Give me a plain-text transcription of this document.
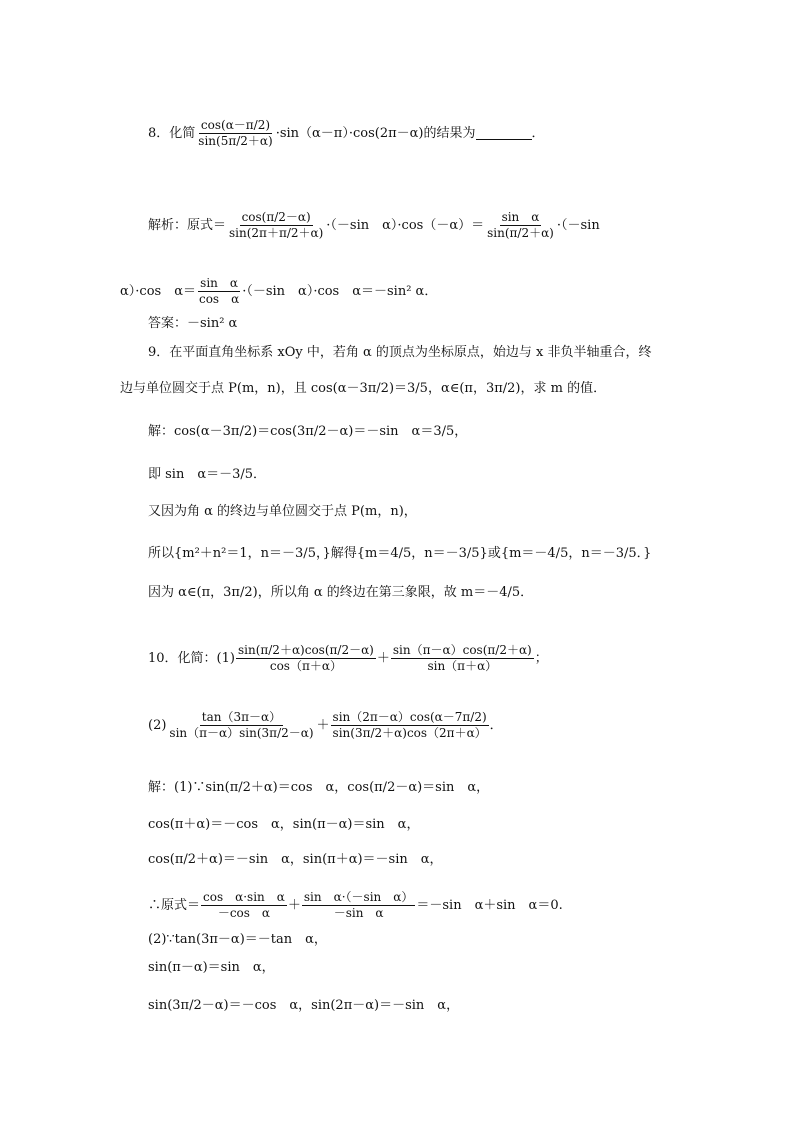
8．化简 $\frac{\cos(\alpha-\pi/2)}{\sin(5\pi/2+\alpha)} \cdot\sin(\alpha-\pi)\cdot\cos(2\pi-\alpha)$的结果为	．
解析：原式＝ $\frac{\cos(\pi/2-\alpha)}{\sin(2\pi+\pi/2+\alpha)} \cdot(-\sin$　$\alpha)\cdot\cos(-\alpha)= \frac{\text{sin　α}}{\sin(\pi/2+\alpha)} \cdot(-\sin$
α）·cos　$\alpha= \frac{\text{sin　α}}{\text{cos　α}} \cdot(-\sin$　α）·cos　α＝－sin² α．
答案：－sin² α
9．在平面直角坐标系 xOy 中，若角 α 的顶点为坐标原点，始边与 x 非负半轴重合，终
边与单位圆交于点 P(m，n)，且 cos(α－3π/2)＝3/5，α∈(π，3π/2)，求 m 的值．
解：cos(α－3π/2)＝cos(3π/2－α)＝－sin　α＝3/5，
即 sin　α＝－3/5．
又因为角 α 的终边与单位圆交于点 P(m，n)，
所以{m²＋n²＝1，n＝－3/5，}解得{m＝4/5，n＝－3/5}或{m＝－4/5，n＝－3/5．}
因为 α∈(π，3π/2)，所以角 α 的终边在第三象限，故 m＝－4/5．
10．化简：$(1) \frac{\sin(\pi/2+\alpha)\cos(\pi/2-\alpha)}{\cos(\pi+\alpha)} + \frac{\sin(\pi-\alpha)\cos(\pi/2+\alpha)}{\sin(\pi+\alpha)}$ ；
$(2) \frac{\tan(3\pi-\alpha)}{\sin(\pi-\alpha)\sin(3\pi/2-\alpha)} + \frac{\sin(2\pi-\alpha)\cos(\alpha-7\pi/2)}{\sin(3\pi/2+\alpha)\cos(2\pi+\alpha)}$ ．
解：(1)∵sin(π/2＋α)＝cos　α，cos(π/2－α)＝sin　α，
cos(π＋α)＝－cos　α，sin(π－α)＝sin　α，
cos(π/2＋α)＝－sin　α，sin(π＋α)＝－sin　α，
∴原式＝ $\frac{\text{cos　α·sin　α}}{\text{－cos　α}} + \frac{\text{sin　α·（－sin　α）}}{\text{－sin　α}} =-\sin$　α＋sin　α＝0.
(2)∵tan(3π－α)＝－tan　α，
sin(π－α)＝sin　α，
sin(3π/2－α)＝－cos　α，sin(2π－α)＝－sin　α，
